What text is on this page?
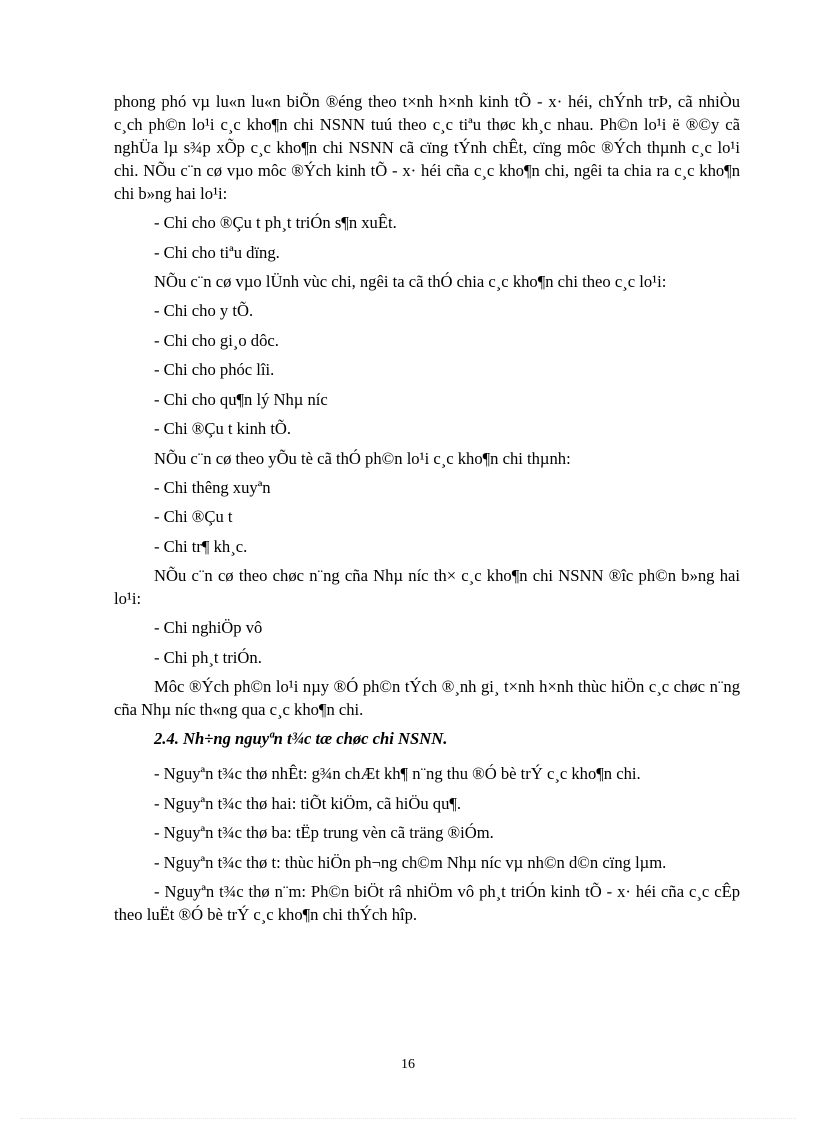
phong phó vµ lu«n lu«n biÕn ®éng theo t×nh h×nh kinh tÕ - x· héi, chÝnh trÞ, cã nhiÒu c¸ch ph©n lo¹i c¸c kho¶n chi NSNN tuú theo c¸c tiªu thøc kh¸c nhau. Ph©n lo¹i ë ®©y cã nghÜa lµ s¾p xÕp c¸c kho¶n chi NSNN cã cïng tÝnh chÊt, cïng môc ®Ých thµnh c¸c lo¹i chi. NÕu c¨n cø vµo môc ®Ých kinh tÕ - x· héi cña c¸c kho¶n chi, ngêi ta chia ra c¸c kho¶n chi b»ng hai lo¹i:

- Chi cho ®Çu t ph¸t triÓn s¶n xuÊt.

- Chi cho tiªu dïng.

NÕu c¨n cø vµo lÜnh vùc chi, ngêi ta cã thÓ chia c¸c kho¶n chi theo c¸c lo¹i:

- Chi cho y tÕ.

- Chi cho gi¸o dôc.

- Chi cho phóc lîi.

- Chi cho qu¶n lý Nhµ níc

- Chi ®Çu t kinh tÕ.

NÕu c¨n cø theo yÕu tè cã thÓ ph©n lo¹i c¸c kho¶n chi thµnh:

- Chi thêng xuyªn

- Chi ®Çu t

- Chi tr¶ kh¸c.

NÕu c¨n cø theo chøc n¨ng cña Nhµ níc th× c¸c kho¶n chi NSNN ®îc ph©n b»ng hai lo¹i:

- Chi nghiÖp vô

- Chi ph¸t triÓn.

Môc ®Ých ph©n lo¹i nµy ®Ó ph©n tÝch ®¸nh gi¸ t×nh h×nh thùc hiÖn c¸c chøc n¨ng cña Nhµ níc th«ng qua c¸c kho¶n chi.

2.4. Nh÷ng nguyªn t¾c tæ chøc chi NSNN.

- Nguyªn t¾c thø nhÊt: g¾n chÆt kh¶ n¨ng thu ®Ó bè trÝ c¸c kho¶n chi.

- Nguyªn t¾c thø hai: tiÕt kiÖm, cã hiÖu qu¶.

- Nguyªn t¾c thø ba: tËp trung vèn cã träng ®iÓm.

- Nguyªn t¾c thø t: thùc hiÖn ph¬ng ch©m Nhµ níc vµ nh©n d©n cïng lµm.

- Nguyªn t¾c thø n¨m: Ph©n biÖt râ nhiÖm vô ph¸t triÓn kinh tÕ - x· héi cña c¸c cÊp theo luËt ®Ó bè trÝ c¸c kho¶n chi thÝch hîp.

16
